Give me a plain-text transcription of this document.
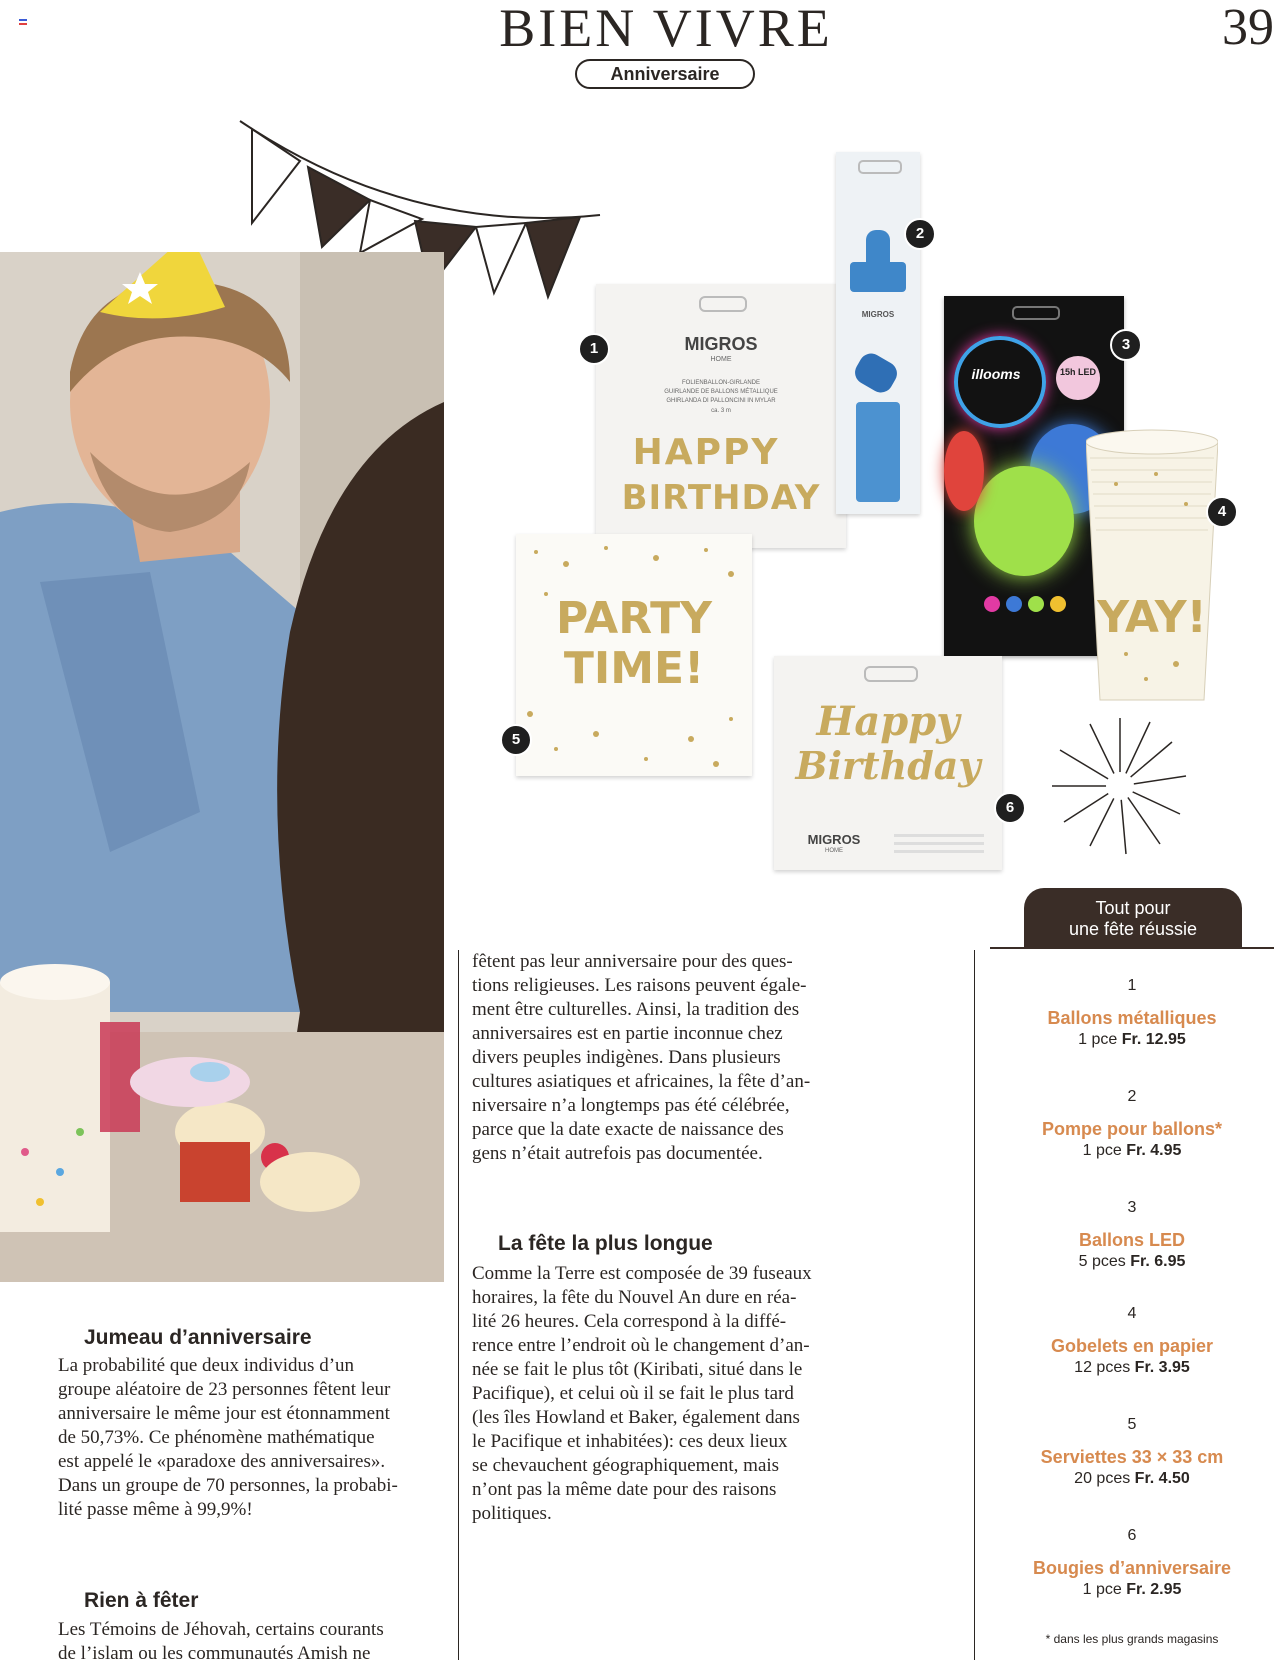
BIEN VIVRE	39
Anniversaire
MIGROS
HOME
FOLIENBALLON-GIRLANDE
GUIRLANDE DE BALLONS MÉTALLIQUE
GHIRLANDA DI PALLONCINI IN MYLAR
ca. 3 m
HAPPY
BIRTHDAY
MIGROS
illooms	15h LED
YAY!
PARTY
TIME!
Happy
Birthday
MIGROS
HOME
1
2
3
4
5
6
Jumeau d’anniversaire
La probabilité que deux individus d’un
groupe aléatoire de 23 personnes fêtent leur
anniversaire le même jour est étonnamment
de 50,73%. Ce phénomène mathématique
est appelé le «paradoxe des anniversaires».
Dans un groupe de 70 personnes, la probabi-
lité passe même à 99,9%!
Rien à fêter
Les Témoins de Jéhovah, certains courants
de l’islam ou les communautés Amish ne
fêtent pas leur anniversaire pour des ques-
tions religieuses. Les raisons peuvent égale-
ment être culturelles. Ainsi, la tradition des
anniversaires est en partie inconnue chez
divers peuples indigènes. Dans plusieurs
cultures asiatiques et africaines, la fête d’an-
niversaire n’a longtemps pas été célébrée,
parce que la date exacte de naissance des
gens n’était autrefois pas documentée.
La fête la plus longue
Comme la Terre est composée de 39 fuseaux
horaires, la fête du Nouvel An dure en réa-
lité 26 heures. Cela correspond à la diffé-
rence entre l’endroit où le changement d’an-
née se fait le plus tôt (Kiribati, situé dans le
Pacifique), et celui où il se fait le plus tard
(les îles Howland et Baker, également dans
le Pacifique et inhabitées): ces deux lieux
se chevauchent géographiquement, mais
n’ont pas la même date pour des raisons
politiques.
Tout pour
une fête réussie
1
Ballons métalliques
1 pce Fr. 12.95
2
Pompe pour ballons*
1 pce Fr. 4.95
3
Ballons LED
5 pces Fr. 6.95
4
Gobelets en papier
12 pces Fr. 3.95
5
Serviettes 33 × 33 cm
20 pces Fr. 4.50
6
Bougies d’anniversaire
1 pce Fr. 2.95
* dans les plus grands magasins
